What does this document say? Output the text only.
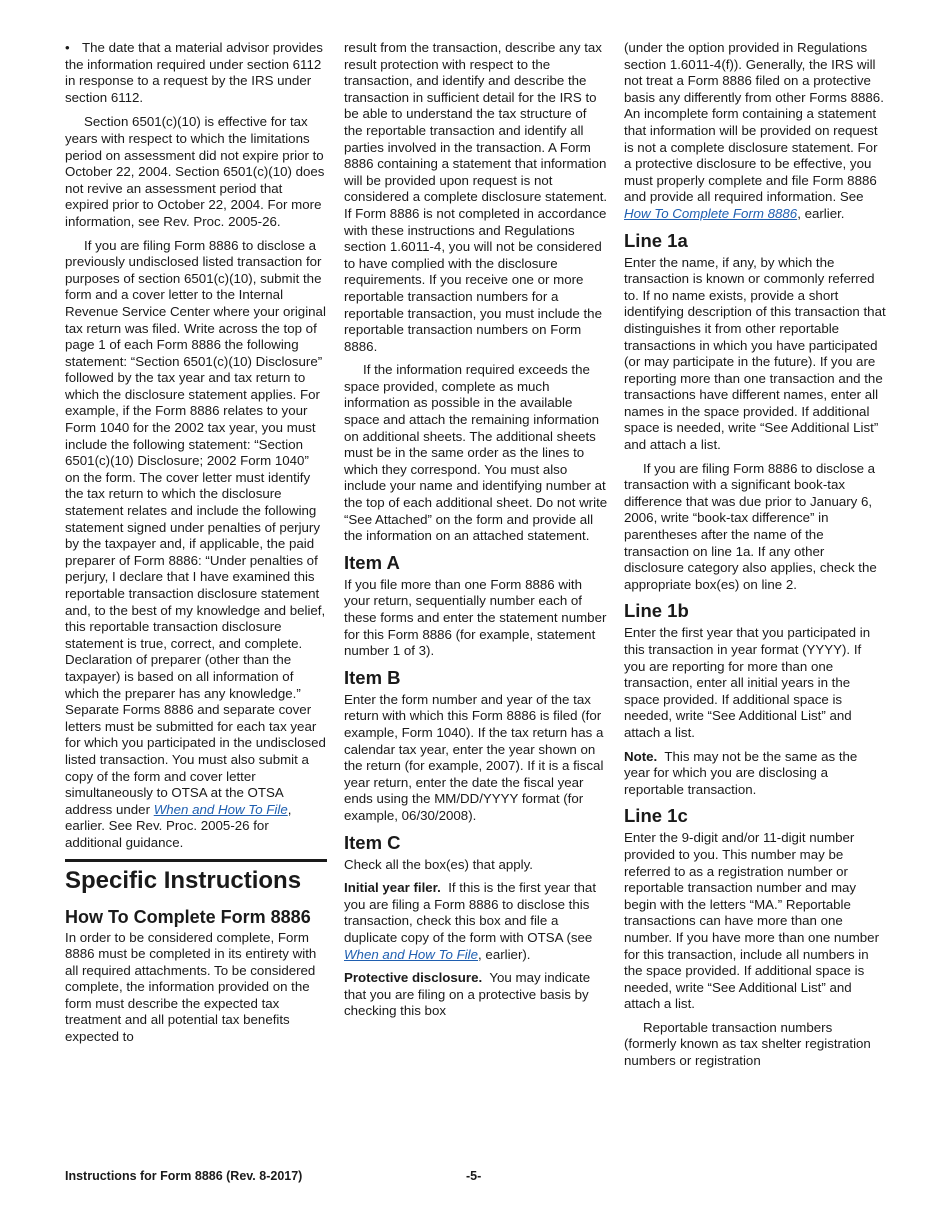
• The date that a material advisor provides the information required under section 6112 in response to a request by the IRS under section 6112.

Section 6501(c)(10) is effective for tax years with respect to which the limitations period on assessment did not expire prior to October 22, 2004. Section 6501(c)(10) does not revive an assessment period that expired prior to October 22, 2004. For more information, see Rev. Proc. 2005-26.

If you are filing Form 8886 to disclose a previously undisclosed listed transaction for purposes of section 6501(c)(10), submit the form and a cover letter to the Internal Revenue Service Center where your original tax return was filed. Write across the top of page 1 of each Form 8886 the following statement: “Section 6501(c)(10) Disclosure” followed by the tax year and tax return to which the disclosure statement applies. For example, if the Form 8886 relates to your Form 1040 for the 2002 tax year, you must include the following statement: “Section 6501(c)(10) Disclosure; 2002 Form 1040” on the form. The cover letter must identify the tax return to which the disclosure statement relates and include the following statement signed under penalties of perjury by the taxpayer and, if applicable, the paid preparer of Form 8886: “Under penalties of perjury, I declare that I have examined this reportable transaction disclosure statement and, to the best of my knowledge and belief, this reportable transaction disclosure statement is true, correct, and complete. Declaration of preparer (other than the taxpayer) is based on all information of which the preparer has any knowledge.” Separate Forms 8886 and separate cover letters must be submitted for each tax year for which you participated in the undisclosed listed transaction. You must also submit a copy of the form and cover letter simultaneously to OTSA at the OTSA address under When and How To File, earlier. See Rev. Proc. 2005-26 for additional guidance.

Specific Instructions
How To Complete Form 8886

In order to be considered complete, Form 8886 must be completed in its entirety with all required attachments. To be considered complete, the information provided on the form must describe the expected tax treatment and all potential tax benefits expected to

result from the transaction, describe any tax result protection with respect to the transaction, and identify and describe the transaction in sufficient detail for the IRS to be able to understand the tax structure of the reportable transaction and identify all parties involved in the transaction. A Form 8886 containing a statement that information will be provided upon request is not considered a complete disclosure statement. If Form 8886 is not completed in accordance with these instructions and Regulations section 1.6011-4, you will not be considered to have complied with the disclosure requirements. If you receive one or more reportable transaction numbers for a reportable transaction, you must include the reportable transaction numbers on Form 8886.

If the information required exceeds the space provided, complete as much information as possible in the available space and attach the remaining information on additional sheets. The additional sheets must be in the same order as the lines to which they correspond. You must also include your name and identifying number at the top of each additional sheet. Do not write “See Attached” on the form and provide all the information on an attached statement.

Item A

If you file more than one Form 8886 with your return, sequentially number each of these forms and enter the statement number for this Form 8886 (for example, statement number 1 of 3).

Item B

Enter the form number and year of the tax return with which this Form 8886 is filed (for example, Form 1040). If the tax return has a calendar tax year, enter the year shown on the return (for example, 2007). If it is a fiscal year return, enter the date the fiscal year ends using the MM/DD/YYYY format (for example, 06/30/2008).

Item C

Check all the box(es) that apply.

Initial year filer. If this is the first year that you are filing a Form 8886 to disclose this transaction, check this box and file a duplicate copy of the form with OTSA (see When and How To File, earlier).

Protective disclosure. You may indicate that you are filing on a protective basis by checking this box

(under the option provided in Regulations section 1.6011-4(f)). Generally, the IRS will not treat a Form 8886 filed on a protective basis any differently from other Forms 8886. An incomplete form containing a statement that information will be provided on request is not a complete disclosure statement. For a protective disclosure to be effective, you must properly complete and file Form 8886 and provide all required information. See How To Complete Form 8886, earlier.

Line 1a

Enter the name, if any, by which the transaction is known or commonly referred to. If no name exists, provide a short identifying description of this transaction that distinguishes it from other reportable transactions in which you have participated (or may participate in the future). If you are reporting more than one transaction and the transactions have different names, enter all names in the space provided. If additional space is needed, write “See Additional List” and attach a list.

If you are filing Form 8886 to disclose a transaction with a significant book-tax difference that was due prior to January 6, 2006, write “book-tax difference” in parentheses after the name of the transaction on line 1a. If any other disclosure category also applies, check the appropriate box(es) on line 2.

Line 1b

Enter the first year that you participated in this transaction in year format (YYYY). If you are reporting for more than one transaction, enter all initial years in the space provided. If additional space is needed, write “See Additional List” and attach a list.

Note. This may not be the same as the year for which you are disclosing a reportable transaction.

Line 1c

Enter the 9-digit and/or 11-digit number provided to you. This number may be referred to as a registration number or reportable transaction number and may begin with the letters “MA.” Reportable transactions can have more than one number. If you have more than one number for this transaction, include all numbers in the space provided. If additional space is needed, write “See Additional List” and attach a list.

Reportable transaction numbers (formerly known as tax shelter registration numbers or registration

Instructions for Form 8886 (Rev. 8-2017)	-5-
